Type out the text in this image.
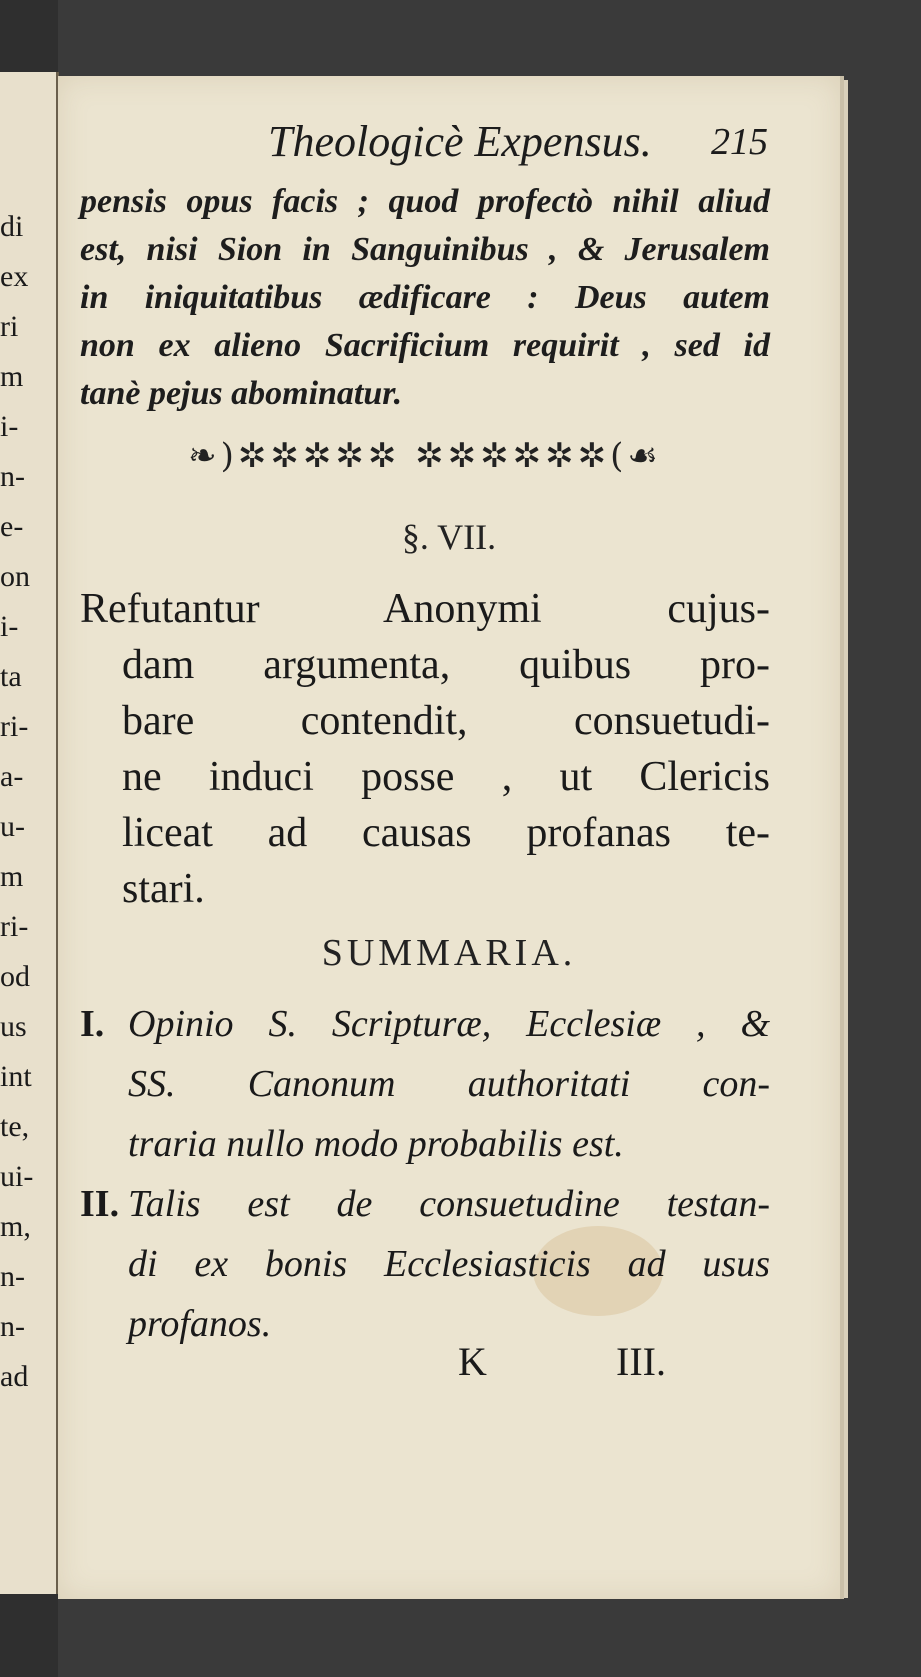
di
ex
ri
m
i-
n-
e-
on
i-
ta
ri-
a-
u-
m
ri-
od
us
int
te,
ui-
m,
n-
n-
ad
Theologicè Expensus. 215
pensis opus facis ; quod profectò nihil aliud
est, nisi Sion in Sanguinibus , & Jerusalem
in iniquitatibus ædificare : Deus autem
non ex alieno Sacrificium requirit , sed id
tanè pejus abominatur.
❧)✲✲✲✲✲ ✲✲✲✲✲✲(☙
§. VII.
Refutantur Anonymi cujus-
dam argumenta, quibus pro-
bare contendit, consuetudi-
ne induci posse , ut Clericis
liceat ad causas profanas te-
stari.
SUMMARIA.
I. Opinio S. Scripturæ, Ecclesiæ , &
SS. Canonum authoritati con-
traria nullo modo probabilis est.
II. Talis est de consuetudine testan-
di ex bonis Ecclesiasticis ad usus
profanos.
K	III.
